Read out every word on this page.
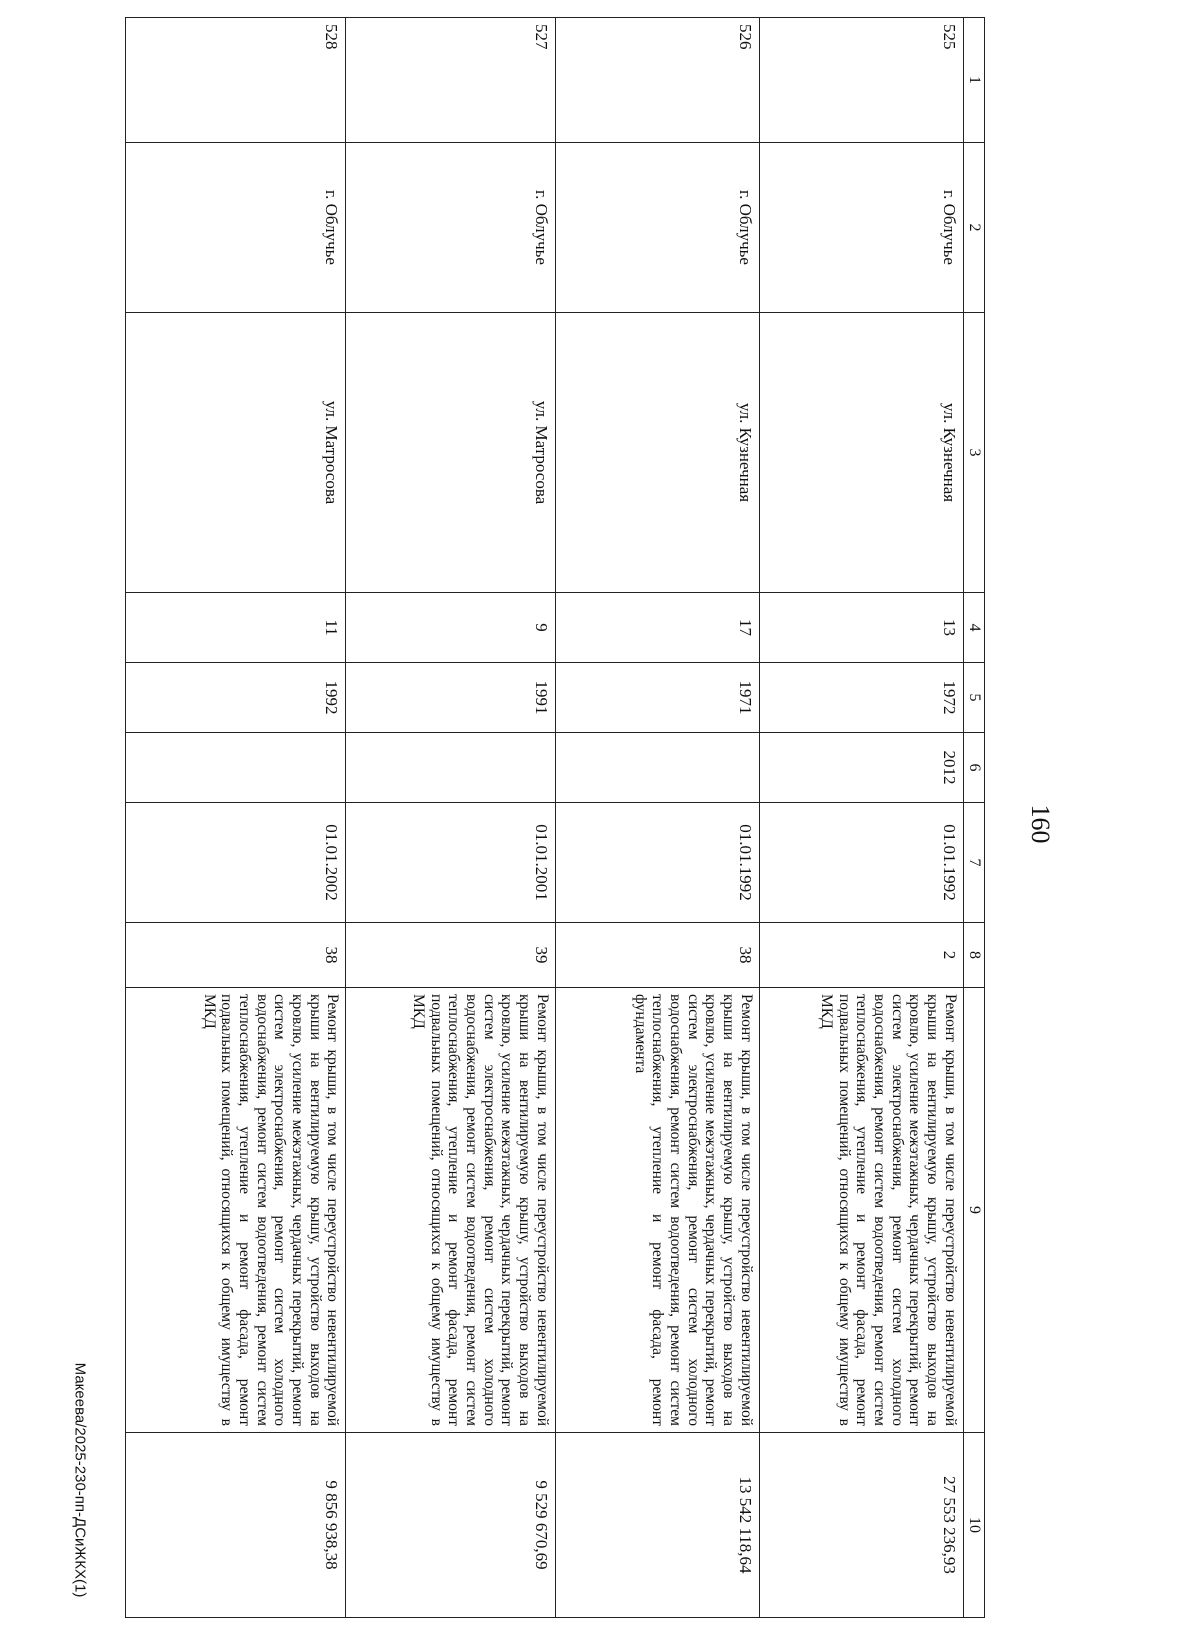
160
1	2	3	4	5	6	7	8	9	10
525	г. Облучье	ул. Кузнечная	13	1972	2012	01.01.1992	2	Ремонт крыши, в том числе переустройство невентилируемой крыши на вентилируемую крышу, устройство выходов на кровлю, усиление межэтажных, чердачных перекрытий, ремонт систем электроснабжения, ремонт систем холодного водоснабжения, ремонт систем водоотведения, ремонт систем теплоснабжения, утепление и ремонт фасада, ремонт подвальных помещений, относящихся к общему имуществу в МКД	27 553 236,93
526	г. Облучье	ул. Кузнечная	17	1971		01.01.1992	38	Ремонт крыши, в том числе переустройство невентилируемой крыши на вентилируемую крышу, устройство выходов на кровлю, усиление межэтажных, чердачных перекрытий, ремонт систем электроснабжения, ремонт систем холодного водоснабжения, ремонт систем водоотведения, ремонт систем теплоснабжения, утепление и ремонт фасада, ремонт фундамента	13 542 118,64
527	г. Облучье	ул. Матросова	9	1991		01.01.2001	39	Ремонт крыши, в том числе переустройство невентилируемой крыши на вентилируемую крышу, устройство выходов на кровлю, усиление межэтажных, чердачных перекрытий, ремонт систем электроснабжения, ремонт систем холодного водоснабжения, ремонт систем водоотведения, ремонт систем теплоснабжения, утепление и ремонт фасада, ремонт подвальных помещений, относящихся к общему имуществу в МКД	9 529 670,69
528	г. Облучье	ул. Матросова	11	1992		01.01.2002	38	Ремонт крыши, в том числе переустройство невентилируемой крыши на вентилируемую крышу, устройство выходов на кровлю, усиление межэтажных, чердачных перекрытий, ремонт систем электроснабжения, ремонт систем холодного водоснабжения, ремонт систем водоотведения, ремонт систем теплоснабжения, утепление и ремонт фасада, ремонт подвальных помещений, относящихся к общему имуществу в МКД	9 856 938,38
Макеева/2025-230-пп-ДСиЖКХ(1)
